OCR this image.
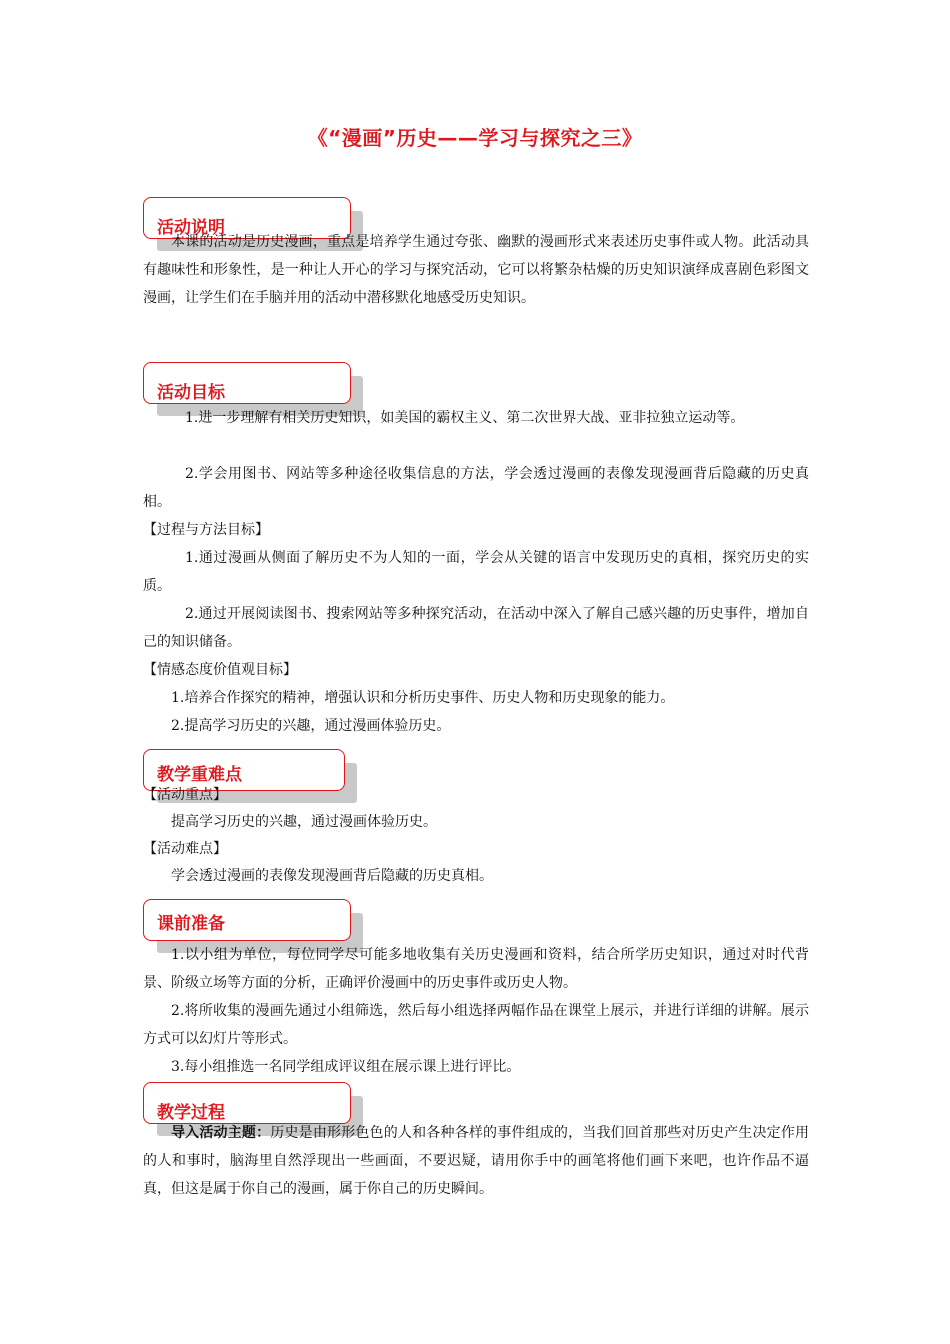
《“漫画”历史——学习与探究之三》
活动说明

本课的活动是历史漫画，重点是培养学生通过夸张、幽默的漫画形式来表述历史事件或人物。此活动具有趣味性和形象性，是一种让人开心的学习与探究活动，它可以将繁杂枯燥的历史知识演绎成喜剧色彩图文漫画，让学生们在手脑并用的活动中潜移默化地感受历史知识。

活动目标

1.进一步理解有相关历史知识，如美国的霸权主义、第二次世界大战、亚非拉独立运动等。

2.学会用图书、网站等多种途径收集信息的方法，学会透过漫画的表像发现漫画背后隐藏的历史真相。

【过程与方法目标】

1.通过漫画从侧面了解历史不为人知的一面，学会从关键的语言中发现历史的真相，探究历史的实质。

2.通过开展阅读图书、搜索网站等多种探究活动，在活动中深入了解自己感兴趣的历史事件，增加自己的知识储备。

【情感态度价值观目标】

1.培养合作探究的精神，增强认识和分析历史事件、历史人物和历史现象的能力。

2.提高学习历史的兴趣，通过漫画体验历史。

教学重难点

【活动重点】

提高学习历史的兴趣，通过漫画体验历史。

【活动难点】

学会透过漫画的表像发现漫画背后隐藏的历史真相。

课前准备

1.以小组为单位，每位同学尽可能多地收集有关历史漫画和资料，结合所学历史知识，通过对时代背景、阶级立场等方面的分析，正确评价漫画中的历史事件或历史人物。

2.将所收集的漫画先通过小组筛选，然后每小组选择两幅作品在课堂上展示，并进行详细的讲解。展示方式可以幻灯片等形式。

3.每小组推选一名同学组成评议组在展示课上进行评比。

教学过程

导入活动主题：历史是由形形色色的人和各种各样的事件组成的，当我们回首那些对历史产生决定作用的人和事时，脑海里自然浮现出一些画面，不要迟疑，请用你手中的画笔将他们画下来吧，也许作品不逼真，但这是属于你自己的漫画，属于你自己的历史瞬间。
